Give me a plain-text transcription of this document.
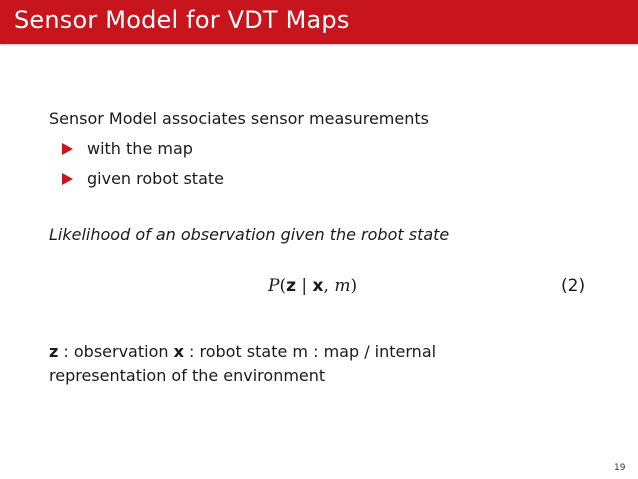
Sensor Model for VDT Maps
Sensor Model associates sensor measurements
with the map
given robot state
Likelihood of an observation given the robot state
P(z | x, m)	(2)
z : observation x : robot state m : map / internal representation of the environment
19
